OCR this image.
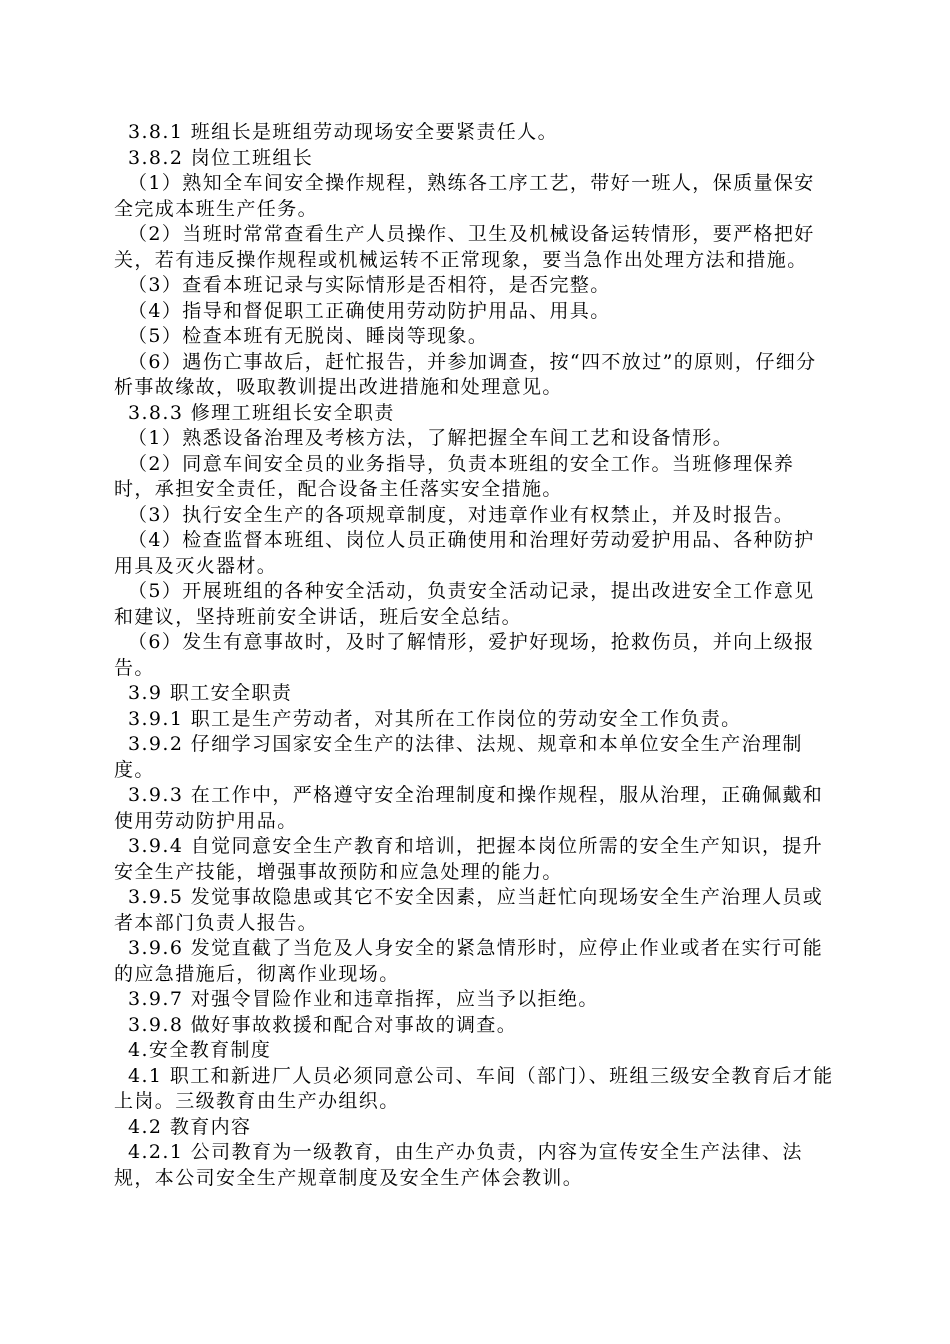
3.8.1 班组长是班组劳动现场安全要紧责任人。

3.8.2 岗位工班组长

（1）熟知全车间安全操作规程，熟练各工序工艺，带好一班人，保质量保安全完成本班生产任务。

（2）当班时常常查看生产人员操作、卫生及机械设备运转情形，要严格把好关，若有违反操作规程或机械运转不正常现象，要当急作出处理方法和措施。

（3）查看本班记录与实际情形是否相符，是否完整。

（4）指导和督促职工正确使用劳动防护用品、用具。

（5）检查本班有无脱岗、睡岗等现象。

（6）遇伤亡事故后，赶忙报告，并参加调查，按“四不放过”的原则，仔细分析事故缘故，吸取教训提出改进措施和处理意见。

3.8.3 修理工班组长安全职责

（1）熟悉设备治理及考核方法，了解把握全车间工艺和设备情形。

（2）同意车间安全员的业务指导，负责本班组的安全工作。当班修理保养时，承担安全责任，配合设备主任落实安全措施。

（3）执行安全生产的各项规章制度，对违章作业有权禁止，并及时报告。

（4）检查监督本班组、岗位人员正确使用和治理好劳动爱护用品、各种防护用具及灭火器材。

（5）开展班组的各种安全活动，负责安全活动记录，提出改进安全工作意见和建议，坚持班前安全讲话，班后安全总结。

（6）发生有意事故时，及时了解情形，爱护好现场，抢救伤员，并向上级报告。

3.9 职工安全职责

3.9.1 职工是生产劳动者，对其所在工作岗位的劳动安全工作负责。

3.9.2 仔细学习国家安全生产的法律、法规、规章和本单位安全生产治理制度。

3.9.3 在工作中，严格遵守安全治理制度和操作规程，服从治理，正确佩戴和使用劳动防护用品。

3.9.4 自觉同意安全生产教育和培训，把握本岗位所需的安全生产知识，提升安全生产技能，增强事故预防和应急处理的能力。

3.9.5 发觉事故隐患或其它不安全因素，应当赶忙向现场安全生产治理人员或者本部门负责人报告。

3.9.6 发觉直截了当危及人身安全的紧急情形时，应停止作业或者在实行可能的应急措施后，彻离作业现场。

3.9.7 对强令冒险作业和违章指挥，应当予以拒绝。

3.9.8 做好事故救援和配合对事故的调查。

4.安全教育制度

4.1 职工和新进厂人员必须同意公司、车间（部门）、班组三级安全教育后才能上岗。三级教育由生产办组织。

4.2 教育内容

4.2.1 公司教育为一级教育，由生产办负责，内容为宣传安全生产法律、法规，本公司安全生产规章制度及安全生产体会教训。
